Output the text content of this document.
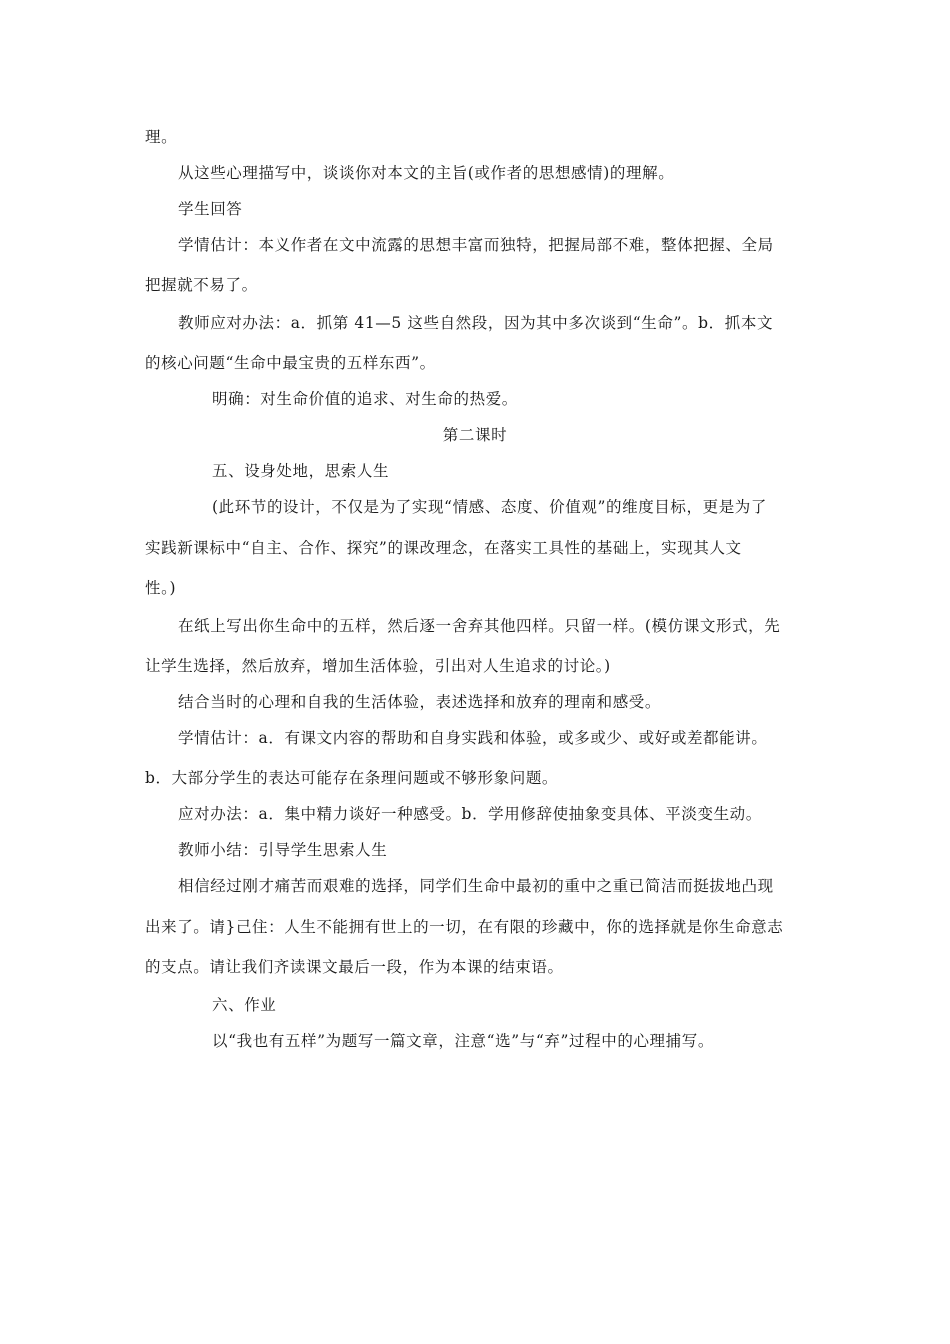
理。
从这些心理描写中，谈谈你对本文的主旨(或作者的思想感情)的理解。
学生回答
学情估计：本义作者在文中流露的思想丰富而独特，把握局部不难，整体把握、全局
把握就不易了。
教师应对办法：a．抓第 41—5 这些自然段，因为其中多次谈到“生命”。b．抓本文
的核心问题“生命中最宝贵的五样东西”。
明确：对生命价值的追求、对生命的热爱。
第二课时
五、设身处地，思索人生
(此环节的设计，不仅是为了实现“情感、态度、价值观”的维度目标，更是为了
实践新课标中“自主、合作、探究”的课改理念，在落实工具性的基础上，实现其人文
性。)
在纸上写出你生命中的五样，然后逐一舍弃其他四样。只留一样。(模仿课文形式，先
让学生选择，然后放弃，增加生活体验，引出对人生追求的讨论。)
结合当时的心理和自我的生活体验，表述选择和放弃的理南和感受。
学情估计：a．有课文内容的帮助和自身实践和体验，或多或少、或好或差都能讲。
b．大部分学生的表达可能存在条理问题或不够形象问题。
应对办法：a．集中精力谈好一种感受。b．学用修辞使抽象变具体、平淡变生动。
教师小结：引导学生思索人生
相信经过刚才痛苦而艰难的选择，同学们生命中最初的重中之重已简洁而挺拔地凸现
出来了。请}己住：人生不能拥有世上的一切，在有限的珍藏中，你的选择就是你生命意志
的支点。请让我们齐读课文最后一段，作为本课的结束语。
六、作业
以“我也有五样”为题写一篇文章，注意“选”与“弃”过程中的心理捕写。
